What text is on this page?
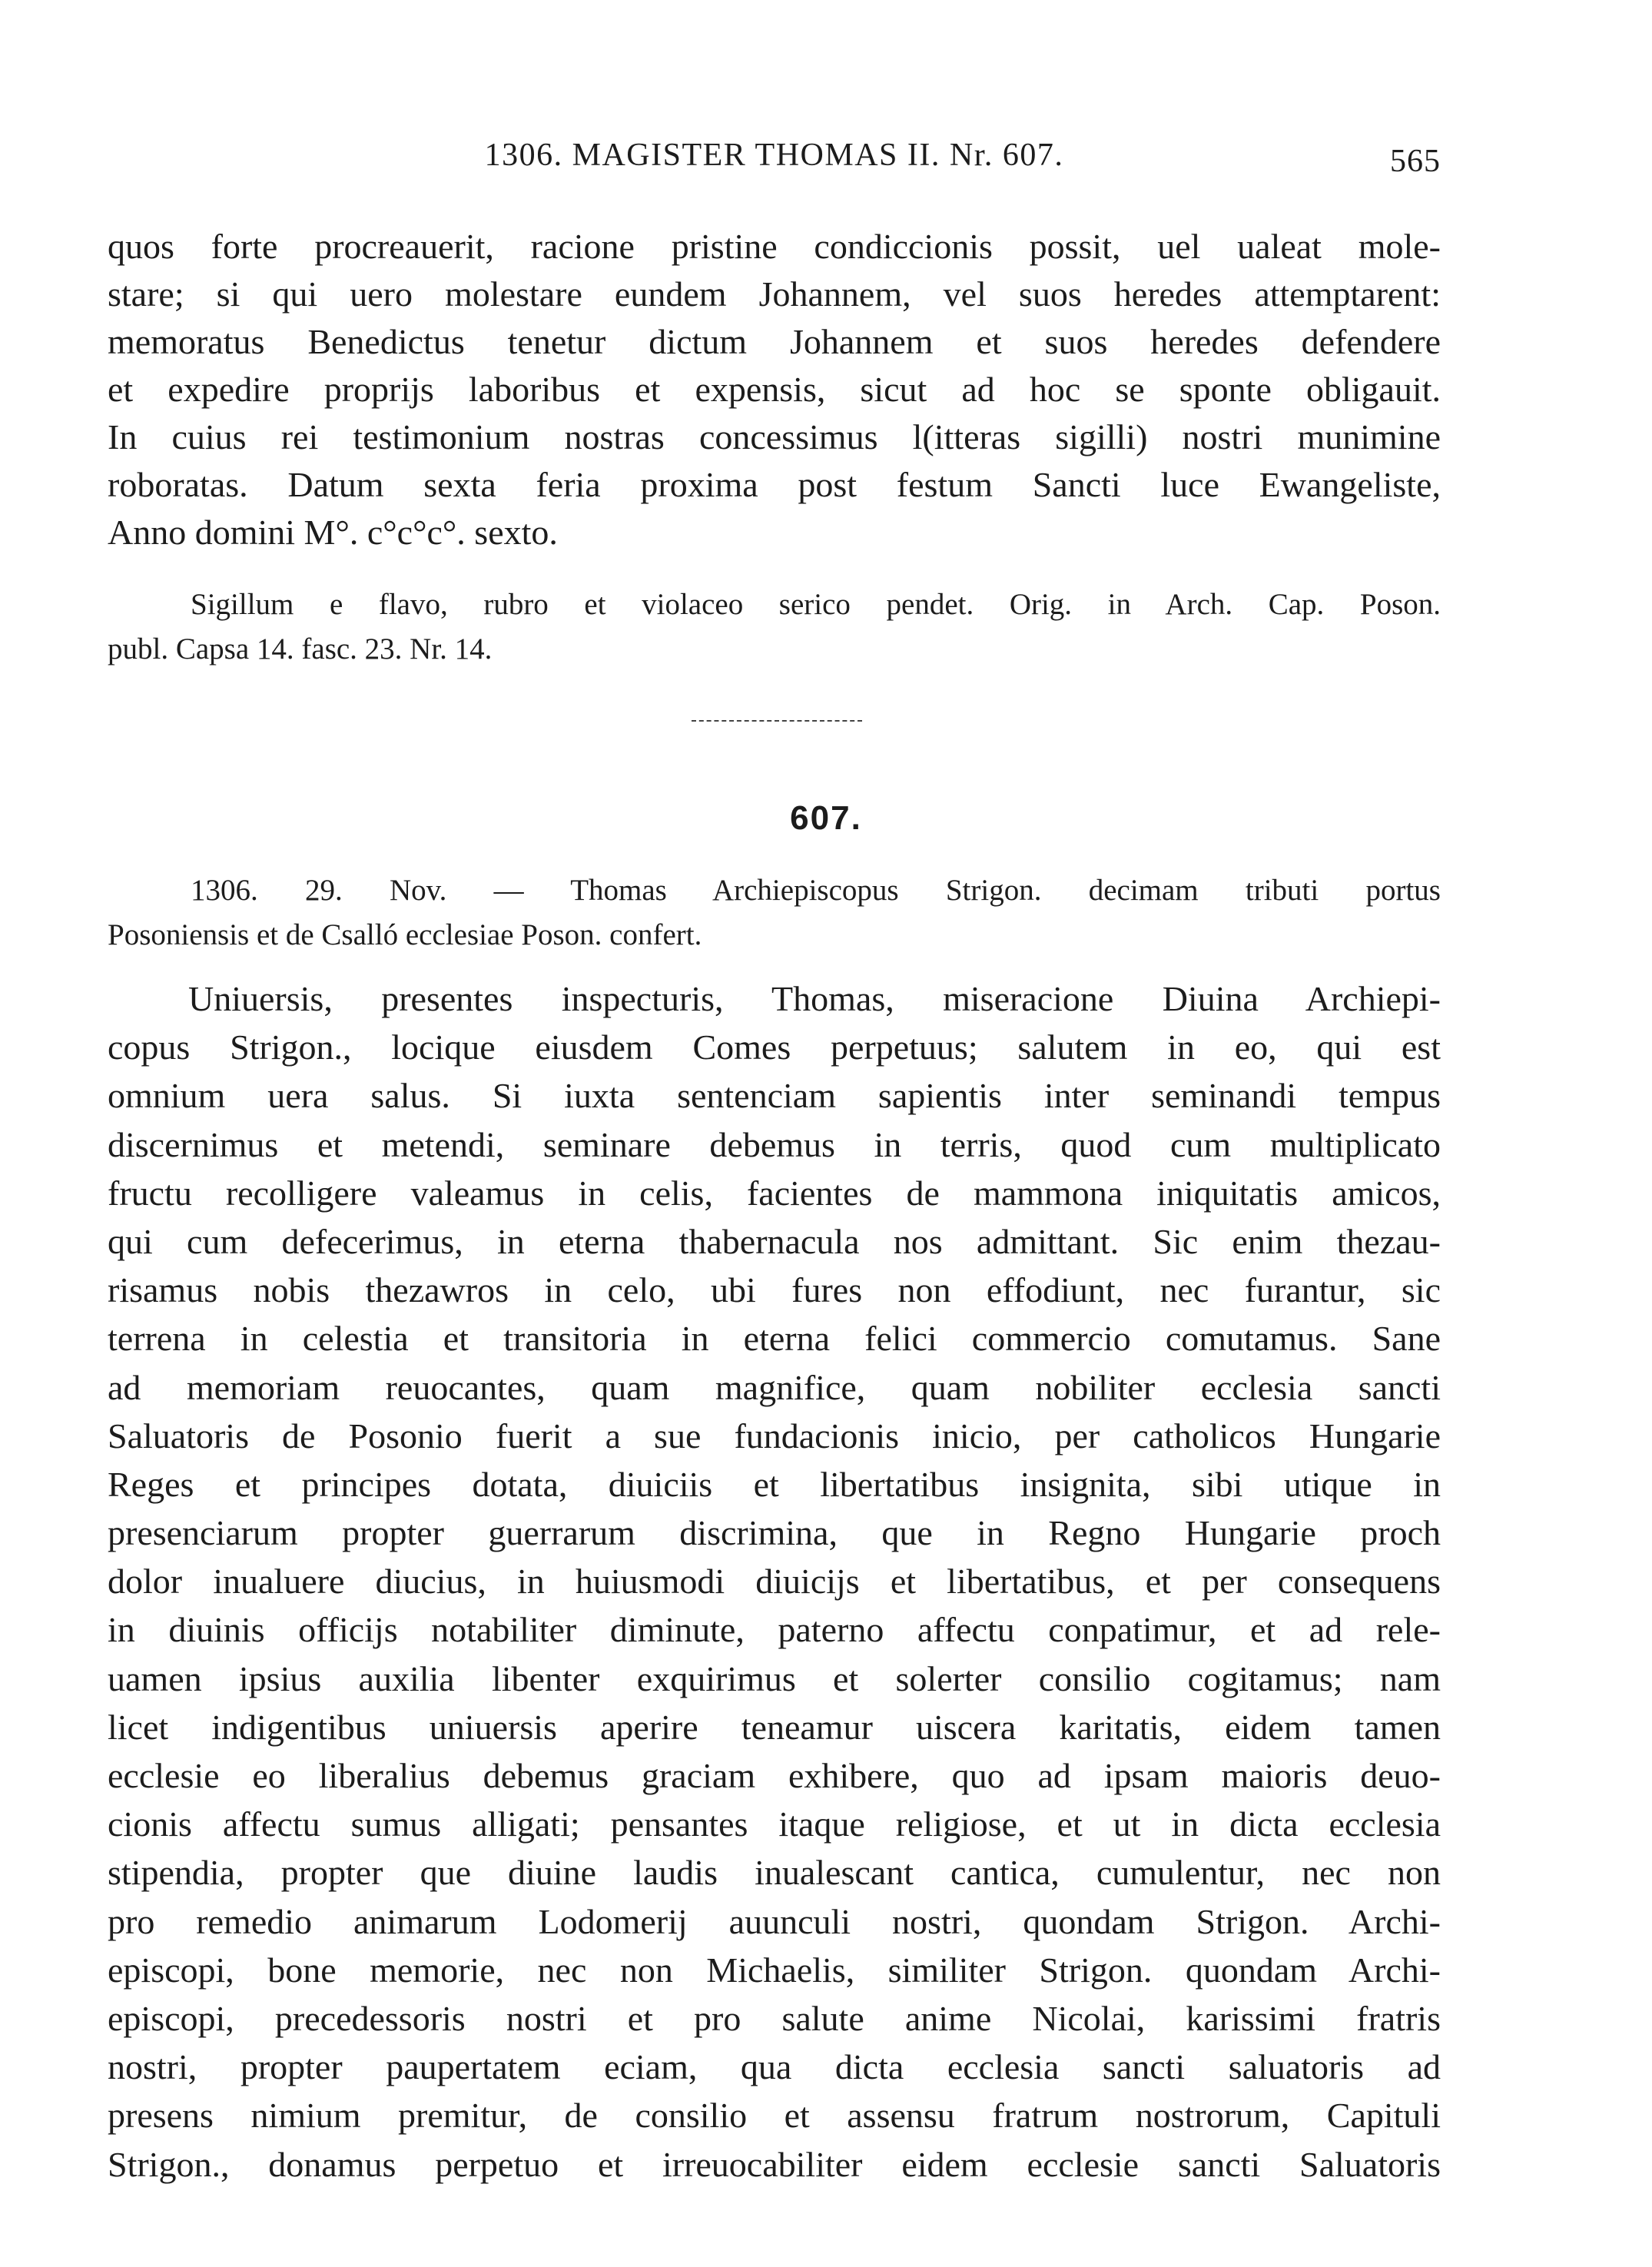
1306. MAGISTER THOMAS II. Nr. 607.	565
quos forte procreauerit, racione pristine condiccionis possit, uel ualeat mole-
stare; si qui uero molestare eundem Johannem, vel suos heredes attemptarent:
memoratus Benedictus tenetur dictum Johannem et suos heredes defendere
et expedire proprijs laboribus et expensis, sicut ad hoc se sponte obligauit.
In cuius rei testimonium nostras concessimus l(itteras sigilli) nostri munimine
roboratas. Datum sexta feria proxima post festum Sancti luce Ewangeliste,
Anno domini M°. c°c°c°. sexto.
Sigillum e flavo, rubro et violaceo serico pendet. Orig. in Arch. Cap. Poson.
publ. Capsa 14. fasc. 23. Nr. 14.
607.
1306. 29. Nov. — Thomas Archiepiscopus Strigon. decimam tributi portus
Posoniensis et de Csalló ecclesiae Poson. confert.
Uniuersis, presentes inspecturis, Thomas, miseracione Diuina Archiepi-
copus Strigon., locique eiusdem Comes perpetuus; salutem in eo, qui est
omnium uera salus. Si iuxta sentenciam sapientis inter seminandi tempus
discernimus et metendi, seminare debemus in terris, quod cum multiplicato
fructu recolligere valeamus in celis, facientes de mammona iniquitatis amicos,
qui cum defecerimus, in eterna thabernacula nos admittant. Sic enim thezau-
risamus nobis thezawros in celo, ubi fures non effodiunt, nec furantur, sic
terrena in celestia et transitoria in eterna felici commercio comutamus. Sane
ad memoriam reuocantes, quam magnifice, quam nobiliter ecclesia sancti
Saluatoris de Posonio fuerit a sue fundacionis inicio, per catholicos Hungarie
Reges et principes dotata, diuiciis et libertatibus insignita, sibi utique in
presenciarum propter guerrarum discrimina, que in Regno Hungarie proch
dolor inualuere diucius, in huiusmodi diuicijs et libertatibus, et per consequens
in diuinis officijs notabiliter diminute, paterno affectu conpatimur, et ad rele-
uamen ipsius auxilia libenter exquirimus et solerter consilio cogitamus; nam
licet indigentibus uniuersis aperire teneamur uiscera karitatis, eidem tamen
ecclesie eo liberalius debemus graciam exhibere, quo ad ipsam maioris deuo-
cionis affectu sumus alligati; pensantes itaque religiose, et ut in dicta ecclesia
stipendia, propter que diuine laudis inualescant cantica, cumulentur, nec non
pro remedio animarum Lodomerij auunculi nostri, quondam Strigon. Archi-
episcopi, bone memorie, nec non Michaelis, similiter Strigon. quondam Archi-
episcopi, precedessoris nostri et pro salute anime Nicolai, karissimi fratris
nostri, propter paupertatem eciam, qua dicta ecclesia sancti saluatoris ad
presens nimium premitur, de consilio et assensu fratrum nostrorum, Capituli
Strigon., donamus perpetuo et irreuocabiliter eidem ecclesie sancti Saluatoris
